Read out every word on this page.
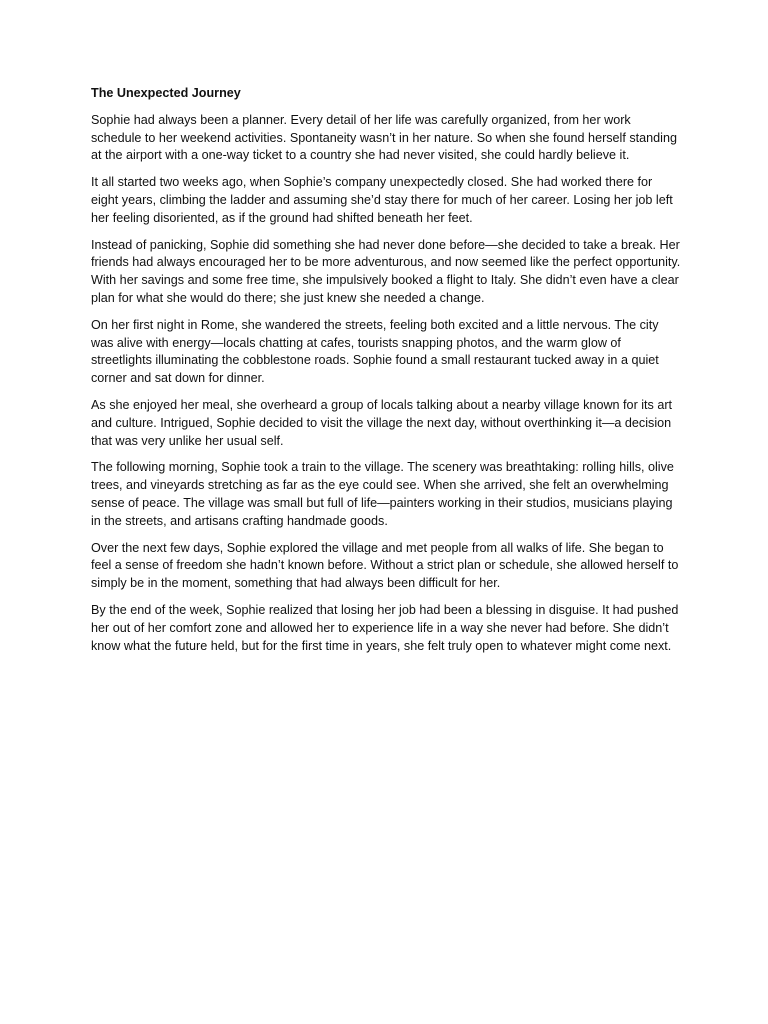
The Unexpected Journey

Sophie had always been a planner. Every detail of her life was carefully organized, from her work schedule to her weekend activities. Spontaneity wasn’t in her nature. So when she found herself standing at the airport with a one-way ticket to a country she had never visited, she could hardly believe it.

It all started two weeks ago, when Sophie’s company unexpectedly closed. She had worked there for eight years, climbing the ladder and assuming she’d stay there for much of her career. Losing her job left her feeling disoriented, as if the ground had shifted beneath her feet.

Instead of panicking, Sophie did something she had never done before—she decided to take a break. Her friends had always encouraged her to be more adventurous, and now seemed like the perfect opportunity. With her savings and some free time, she impulsively booked a flight to Italy. She didn’t even have a clear plan for what she would do there; she just knew she needed a change.

On her first night in Rome, she wandered the streets, feeling both excited and a little nervous. The city was alive with energy—locals chatting at cafes, tourists snapping photos, and the warm glow of streetlights illuminating the cobblestone roads. Sophie found a small restaurant tucked away in a quiet corner and sat down for dinner.

As she enjoyed her meal, she overheard a group of locals talking about a nearby village known for its art and culture. Intrigued, Sophie decided to visit the village the next day, without overthinking it—a decision that was very unlike her usual self.

The following morning, Sophie took a train to the village. The scenery was breathtaking: rolling hills, olive trees, and vineyards stretching as far as the eye could see. When she arrived, she felt an overwhelming sense of peace. The village was small but full of life—painters working in their studios, musicians playing in the streets, and artisans crafting handmade goods.

Over the next few days, Sophie explored the village and met people from all walks of life. She began to feel a sense of freedom she hadn’t known before. Without a strict plan or schedule, she allowed herself to simply be in the moment, something that had always been difficult for her.

By the end of the week, Sophie realized that losing her job had been a blessing in disguise. It had pushed her out of her comfort zone and allowed her to experience life in a way she never had before. She didn’t know what the future held, but for the first time in years, she felt truly open to whatever might come next.
